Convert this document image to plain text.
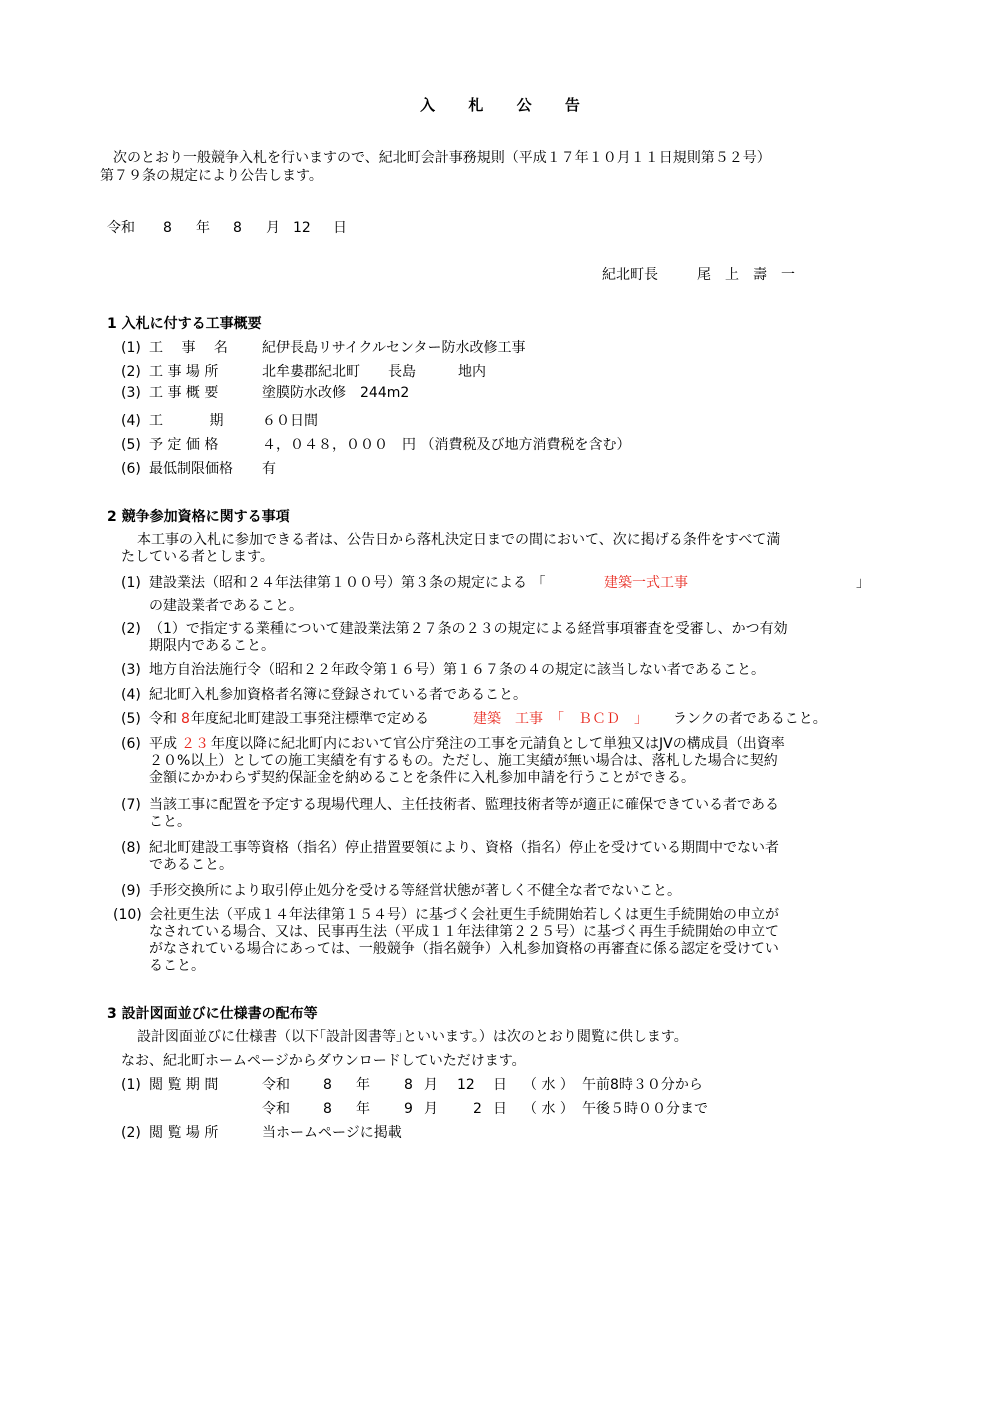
入 札 公 告
次のとおり一般競争入札を行いますので、紀北町会計事務規則（平成１７年１０月１１日規則第５２号）
第７９条の規定により公告します。
令和 8 年 8 月 12 日
紀北町長	尾　上　壽　一
1 入札に付する工事概要
(1) 工　 事　 名 紀伊長島リサイクルセンター防水改修工事
(2) 工 事 場 所	北牟婁郡紀北町　　長島　　　地内
(3) 工 事 概 要	塗膜防水改修　244m2
(4) 工　　　 期	６０日間
(5) 予 定 価 格	４，０４８，０００　円 （消費税及び地方消費税を含む）
(6) 最低制限価格 有
2 競争参加資格に関する事項
本工事の入札に参加できる者は、公告日から落札決定日までの間において、次に掲げる条件をすべて満
たしている者とします。
(1) 建設業法（昭和２４年法律第１００号）第３条の規定による 「	建築一式工事	」
の建設業者であること。
(2) （1）で指定する業種について建設業法第２７条の２３の規定による経営事項審査を受審し、かつ有効
期限内であること。
(3) 地方自治法施行令（昭和２２年政令第１６号）第１６７条の４の規定に該当しない者であること。
(4) 紀北町入札参加資格者名簿に登録されている者であること。
(5) 令和 8 年度紀北町建設工事発注標準で定める	建築　工事　「　ＢＣＤ　」 ランクの者であること。
(6) 平成 ２３ 年度以降に紀北町内において官公庁発注の工事を元請負として単独又はJVの構成員（出資率
２０%以上）としての施工実績を有するもの。ただし、施工実績が無い場合は、落札した場合に契約
金額にかかわらず契約保証金を納めることを条件に入札参加申請を行うことができる。
(7) 当該工事に配置を予定する現場代理人、主任技術者、監理技術者等が適正に確保できている者である
こと。
(8) 紀北町建設工事等資格（指名）停止措置要領により、資格（指名）停止を受けている期間中でない者
であること。
(9) 手形交換所により取引停止処分を受ける等経営状態が著しく不健全な者でないこと。
(10) 会社更生法（平成１４年法律第１５４号）に基づく会社更生手続開始若しくは更生手続開始の申立が
なされている場合、又は、民事再生法（平成１１年法律第２２５号）に基づく再生手続開始の申立て
がなされている場合にあっては、一般競争（指名競争）入札参加資格の再審査に係る認定を受けてい
ること。
3 設計図面並びに仕様書の配布等
設計図面並びに仕様書（以下｢設計図書等｣といいます。）は次のとおり閲覧に供します。
なお、紀北町ホームページからダウンロードしていただけます。
(1) 閲 覧 期 間	令和 8 年 8 月 12 日 （ 水 ） 午前8時３０分から
令和 8 年 9 月	2 日 （ 水 ） 午後５時００分まで
(2) 閲 覧 場 所	当ホームページに掲載
